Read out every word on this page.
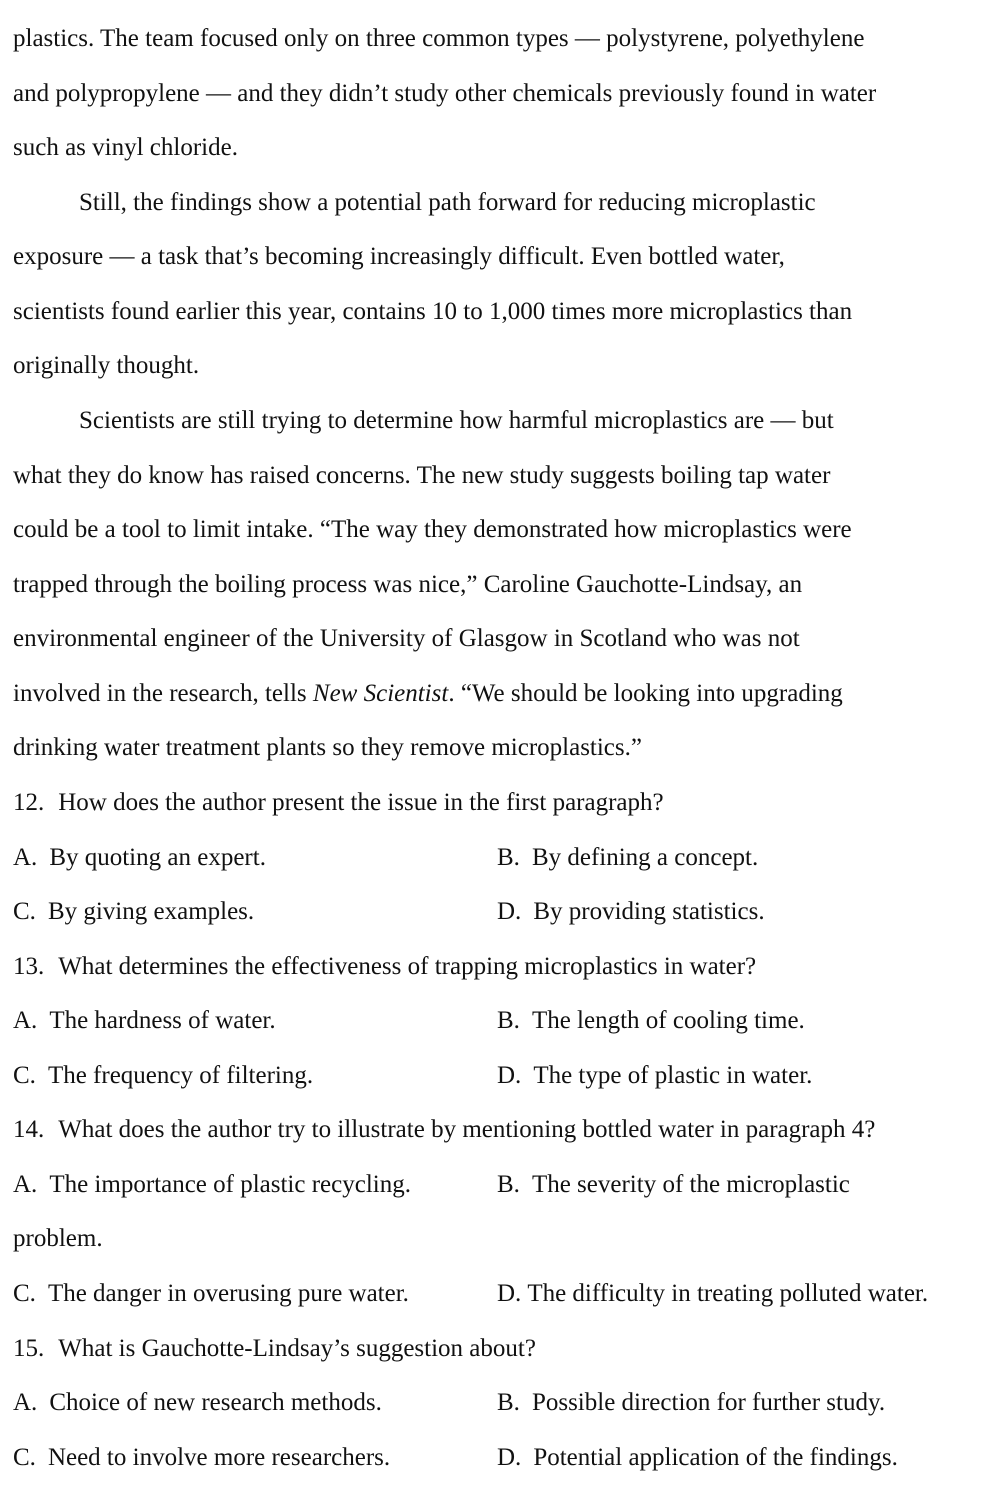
plastics. The team focused only on three common types — polystyrene, polyethylene
and polypropylene — and they didn’t study other chemicals previously found in water
such as vinyl chloride.
Still, the findings show a potential path forward for reducing microplastic
exposure — a task that’s becoming increasingly difficult. Even bottled water,
scientists found earlier this year, contains 10 to 1,000 times more microplastics than
originally thought.
Scientists are still trying to determine how harmful microplastics are — but
what they do know has raised concerns. The new study suggests boiling tap water
could be a tool to limit intake. “The way they demonstrated how microplastics were
trapped through the boiling process was nice,” Caroline Gauchotte-Lindsay, an
environmental engineer of the University of Glasgow in Scotland who was not
involved in the research, tells New Scientist. “We should be looking into upgrading
drinking water treatment plants so they remove microplastics.”
12. How does the author present the issue in the first paragraph?
A. By quoting an expert.	B. By defining a concept.
C. By giving examples.	D. By providing statistics.
13. What determines the effectiveness of trapping microplastics in water?
A. The hardness of water.	B. The length of cooling time.
C. The frequency of filtering.	D. The type of plastic in water.
14. What does the author try to illustrate by mentioning bottled water in paragraph 4?
A. The importance of plastic recycling.	B. The severity of the microplastic
problem.
C. The danger in overusing pure water.	D. The difficulty in treating polluted water.
15. What is Gauchotte-Lindsay’s suggestion about?
A. Choice of new research methods.	B. Possible direction for further study.
C. Need to involve more researchers.	D. Potential application of the findings.
